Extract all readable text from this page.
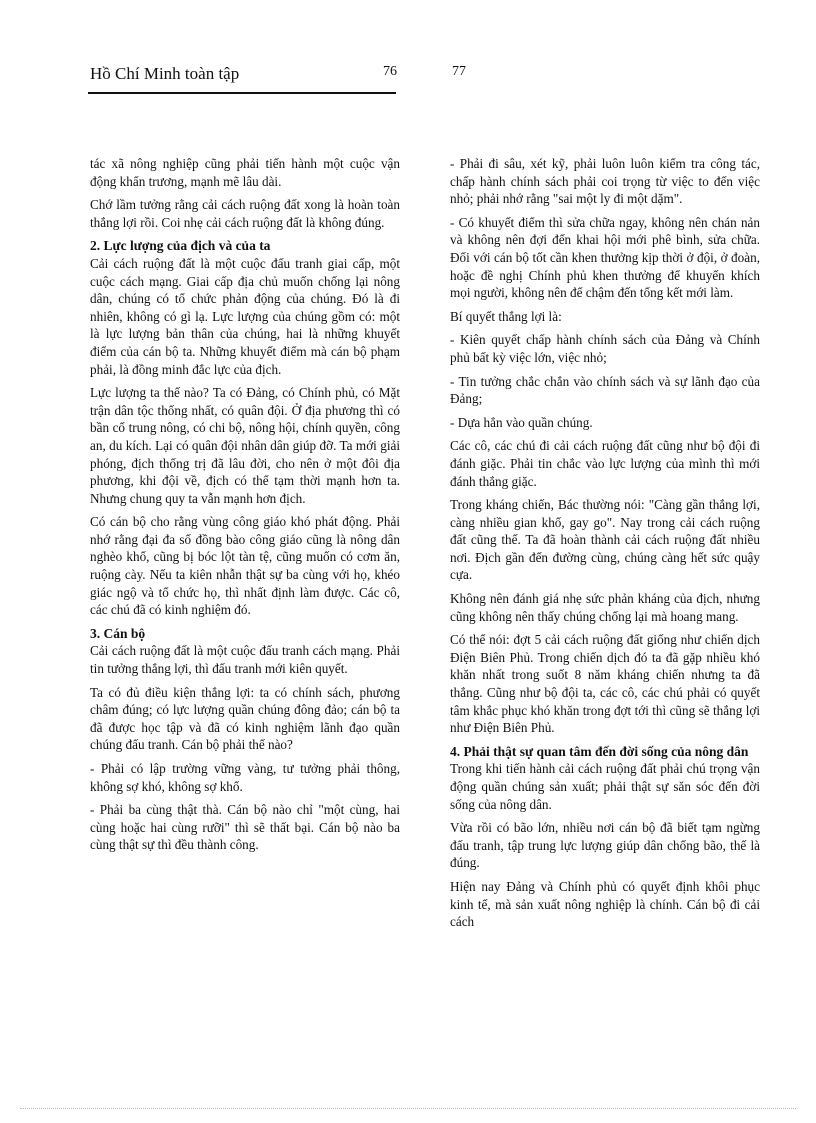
Hồ Chí Minh toàn tập	76	77

tác xã nông nghiệp cũng phải tiến hành một cuộc vận động khẩn trương, mạnh mẽ lâu dài.

Chớ lầm tưởng rằng cải cách ruộng đất xong là hoàn toàn thắng lợi rồi. Coi nhẹ cải cách ruộng đất là không đúng.

2. Lực lượng của địch và của ta

Cải cách ruộng đất là một cuộc đấu tranh giai cấp, một cuộc cách mạng. Giai cấp địa chủ muốn chống lại nông dân, chúng có tổ chức phản động của chúng. Đó là đi nhiên, không có gì lạ. Lực lượng của chúng gồm có: một là lực lượng bản thân của chúng, hai là những khuyết điểm của cán bộ ta. Những khuyết điểm mà cán bộ phạm phải, là đồng minh đắc lực của địch.

Lực lượng ta thế nào? Ta có Đảng, có Chính phủ, có Mặt trận dân tộc thống nhất, có quân đội. Ở địa phương thì có bần cố trung nông, có chi bộ, nông hội, chính quyền, công an, du kích. Lại có quân đội nhân dân giúp đỡ. Ta mới giải phóng, địch thống trị đã lâu đời, cho nên ở một đôi địa phương, khi đội về, địch có thể tạm thời mạnh hơn ta. Nhưng chung quy ta vẫn mạnh hơn địch.

Có cán bộ cho rằng vùng công giáo khó phát động. Phải nhớ rằng đại đa số đồng bào công giáo cũng là nông dân nghèo khổ, cũng bị bóc lột tàn tệ, cũng muốn có cơm ăn, ruộng cày. Nếu ta kiên nhẫn thật sự ba cùng với họ, khéo giác ngộ và tổ chức họ, thì nhất định làm được. Các cô, các chú đã có kinh nghiệm đó.

3. Cán bộ

Cải cách ruộng đất là một cuộc đấu tranh cách mạng. Phải tin tưởng thắng lợi, thì đấu tranh mới kiên quyết.

Ta có đủ điều kiện thắng lợi: ta có chính sách, phương châm đúng; có lực lượng quần chúng đông đảo; cán bộ ta đã được học tập và đã có kinh nghiệm lãnh đạo quần chúng đấu tranh. Cán bộ phải thế nào?

- Phải có lập trường vững vàng, tư tưởng phải thông, không sợ khó, không sợ khổ.

- Phải ba cùng thật thà. Cán bộ nào chỉ "một cùng, hai cùng hoặc hai cùng rưỡi" thì sẽ thất bại. Cán bộ nào ba cùng thật sự thì đều thành công.

- Phải đi sâu, xét kỹ, phải luôn luôn kiểm tra công tác, chấp hành chính sách phải coi trọng từ việc to đến việc nhỏ; phải nhớ rằng "sai một ly đi một dặm".

- Có khuyết điểm thì sửa chữa ngay, không nên chán nản và không nên đợi đến khai hội mới phê bình, sửa chữa. Đối với cán bộ tốt cần khen thưởng kịp thời ở đội, ở đoàn, hoặc đề nghị Chính phủ khen thưởng để khuyến khích mọi người, không nên để chậm đến tổng kết mới làm.

Bí quyết thắng lợi là:

- Kiên quyết chấp hành chính sách của Đảng và Chính phủ bất kỳ việc lớn, việc nhỏ;

- Tin tưởng chắc chắn vào chính sách và sự lãnh đạo của Đảng;

- Dựa hẳn vào quần chúng.

Các cô, các chú đi cải cách ruộng đất cũng như bộ đội đi đánh giặc. Phải tin chắc vào lực lượng của mình thì mới đánh thắng giặc.

Trong kháng chiến, Bác thường nói: "Càng gần thắng lợi, càng nhiều gian khổ, gay go". Nay trong cải cách ruộng đất cũng thế. Ta đã hoàn thành cải cách ruộng đất nhiều nơi. Địch gần đến đường cùng, chúng càng hết sức quậy cựa.

Không nên đánh giá nhẹ sức phản kháng của địch, nhưng cũng không nên thấy chúng chống lại mà hoang mang.

Có thể nói: đợt 5 cải cách ruộng đất giống như chiến dịch Điện Biên Phủ. Trong chiến dịch đó ta đã gặp nhiều khó khăn nhất trong suốt 8 năm kháng chiến nhưng ta đã thắng. Cũng như bộ đội ta, các cô, các chú phải có quyết tâm khắc phục khó khăn trong đợt tới thì cũng sẽ thắng lợi như Điện Biên Phủ.

4. Phải thật sự quan tâm đến đời sống của nông dân

Trong khi tiến hành cải cách ruộng đất phải chú trọng vận động quần chúng sản xuất; phải thật sự săn sóc đến đời sống của nông dân.

Vừa rồi có bão lớn, nhiều nơi cán bộ đã biết tạm ngừng đấu tranh, tập trung lực lượng giúp dân chống bão, thế là đúng.

Hiện nay Đảng và Chính phủ có quyết định khôi phục kinh tế, mà sản xuất nông nghiệp là chính. Cán bộ đi cải cách
